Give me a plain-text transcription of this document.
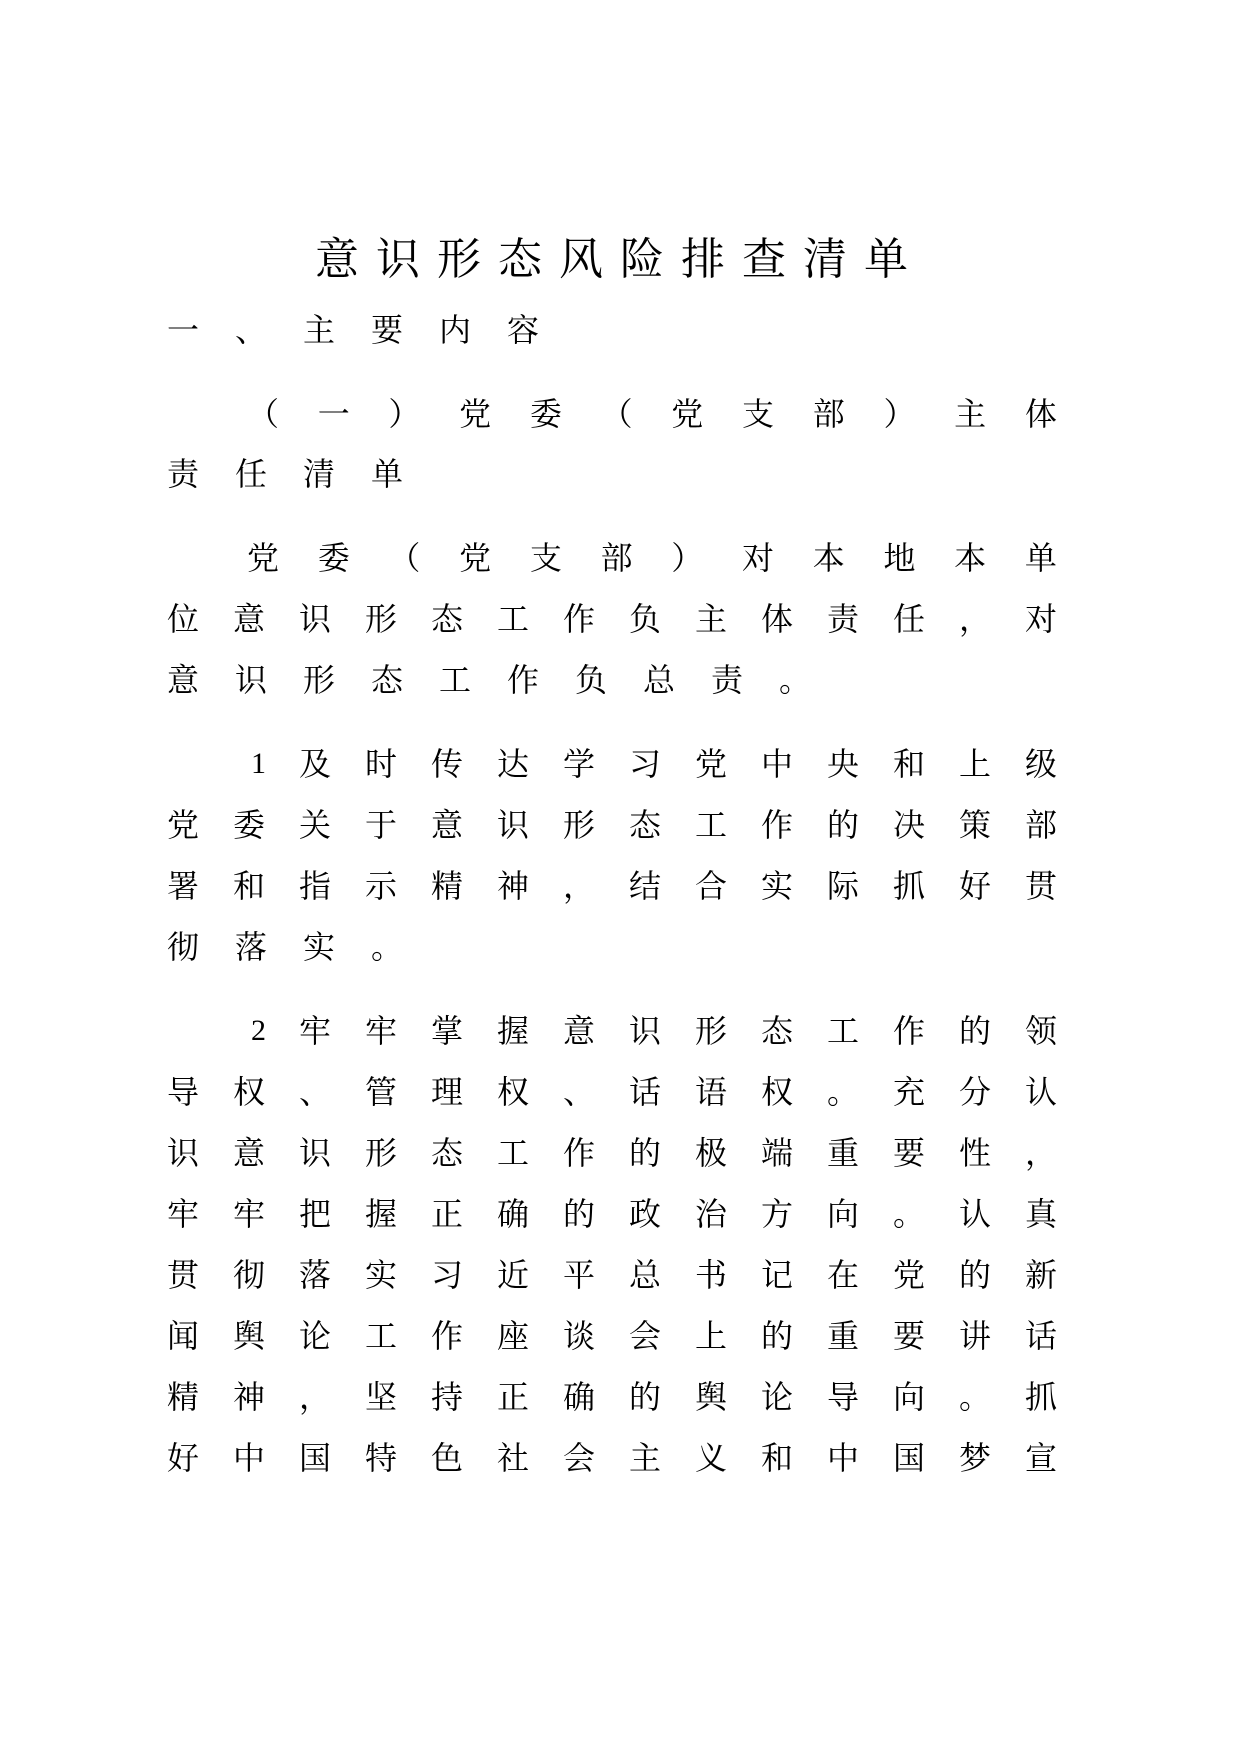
意识形态风险排查清单
一 、 主 要 内 容
（ 一 ） 党 委 （ 党 支 部 ） 主 体
责 任 清 单
党 委 （ 党 支 部 ） 对 本 地 本 单
位 意 识 形 态 工 作 负 主 体 责 任 ， 对
意 识 形 态 工 作 负 总 责 。
1 及 时 传 达 学 习 党 中 央 和 上 级
党 委 关 于 意 识 形 态 工 作 的 决 策 部
署 和 指 示 精 神 ， 结 合 实 际 抓 好 贯
彻 落 实 。
2 牢 牢 掌 握 意 识 形 态 工 作 的 领
导 权 、 管 理 权 、 话 语 权 。 充 分 认
识 意 识 形 态 工 作 的 极 端 重 要 性 ，
牢 牢 把 握 正 确 的 政 治 方 向 。 认 真
贯 彻 落 实 习 近 平 总 书 记 在 党 的 新
闻 舆 论 工 作 座 谈 会 上 的 重 要 讲 话
精 神 ， 坚 持 正 确 的 舆 论 导 向 。 抓
好 中 国 特 色 社 会 主 义 和 中 国 梦 宣
